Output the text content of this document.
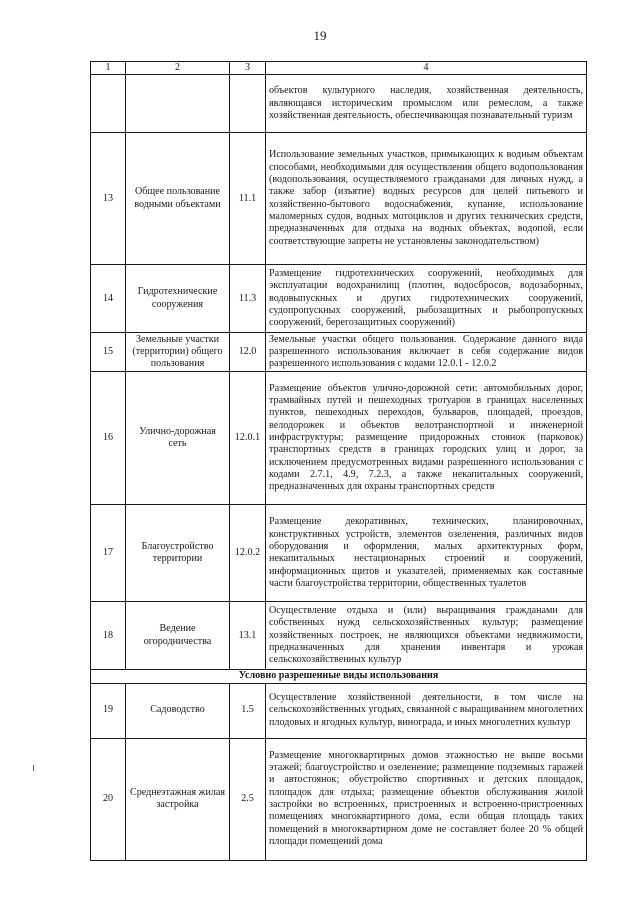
19
1	2	3	4
			объектов культурного наследия, хозяйственная деятельность, являющаяся историческим промыслом или ремеслом, а также хозяйственная деятельность, обеспечивающая познавательный туризм
13	Общее пользование водными объектами	11.1	Использование земельных участков, примыкающих к водным объектам способами, необходимыми для осуществления общего водопользования (водопользования, осуществляемого гражданами для личных нужд, а также забор (изъятие) водных ресурсов для целей питьевого и хозяйственно-бытового водоснабжения, купание, использование маломерных судов, водных мотоциклов и других технических средств, предназначенных для отдыха на водных объектах, водопой, если соответствующие запреты не установлены законодательством)
14	Гидротехнические сооружения	11.3	Размещение гидротехнических сооружений, необходимых для эксплуатации водохранилищ (плотин, водосбросов, водозаборных, водовыпускных и других гидротехнических сооружений, судопропускных сооружений, рыбозащитных и рыбопропускных сооружений, берегозащитных сооружений)
15	Земельные участки (территории) общего пользования	12.0	Земельные участки общего пользования. Содержание данного вида разрешенного использования включает в себя содержание видов разрешенного использования с кодами 12.0.1 - 12.0.2
16	Улично-дорожная сеть	12.0.1	Размещение объектов улично-дорожной сети: автомобильных дорог, трамвайных путей и пешеходных тротуаров в границах населенных пунктов, пешеходных переходов, бульваров, площадей, проездов, велодорожек и объектов велотранспортной и инженерной инфраструктуры; размещение придорожных стоянок (парковок) транспортных средств в границах городских улиц и дорог, за исключением предусмотренных видами разрешенного использования с кодами 2.7.1, 4.9, 7.2.3, а также некапитальных сооружений, предназначенных для охраны транспортных средств
17	Благоустройство территории	12.0.2	Размещение декоративных, технических, планировочных, конструктивных устройств, элементов озеленения, различных видов оборудования и оформления, малых архитектурных форм, некапитальных нестационарных строений и сооружений, информационных щитов и указателей, применяемых как составные части благоустройства территории, общественных туалетов
18	Ведение огородничества	13.1	Осуществление отдыха и (или) выращивания гражданами для собственных нужд сельскохозяйственных культур; размещение хозяйственных построек, не являющихся объектами недвижимости, предназначенных для хранения инвентаря и урожая сельскохозяйственных культур
Условно разрешенные виды использования			
19	Садоводство	1.5	Осуществление хозяйственной деятельности, в том числе на сельскохозяйственных угодьях, связанной с выращиванием многолетних плодовых и ягодных культур, винограда, и иных многолетних культур
20	Среднеэтажная жилая застройка	2.5	Размещение многоквартирных домов этажностью не выше восьми этажей; благоустройство и озеленение; размещение подземных гаражей и автостоянок; обустройство спортивных и детских площадок, площадок для отдыха; размещение объектов обслуживания жилой застройки во встроенных, пристроенных и встроенно-пристроенных помещениях многоквартирного дома, если общая площадь таких помещений в многоквартирном доме не составляет более 20 % общей площади помещений дома
